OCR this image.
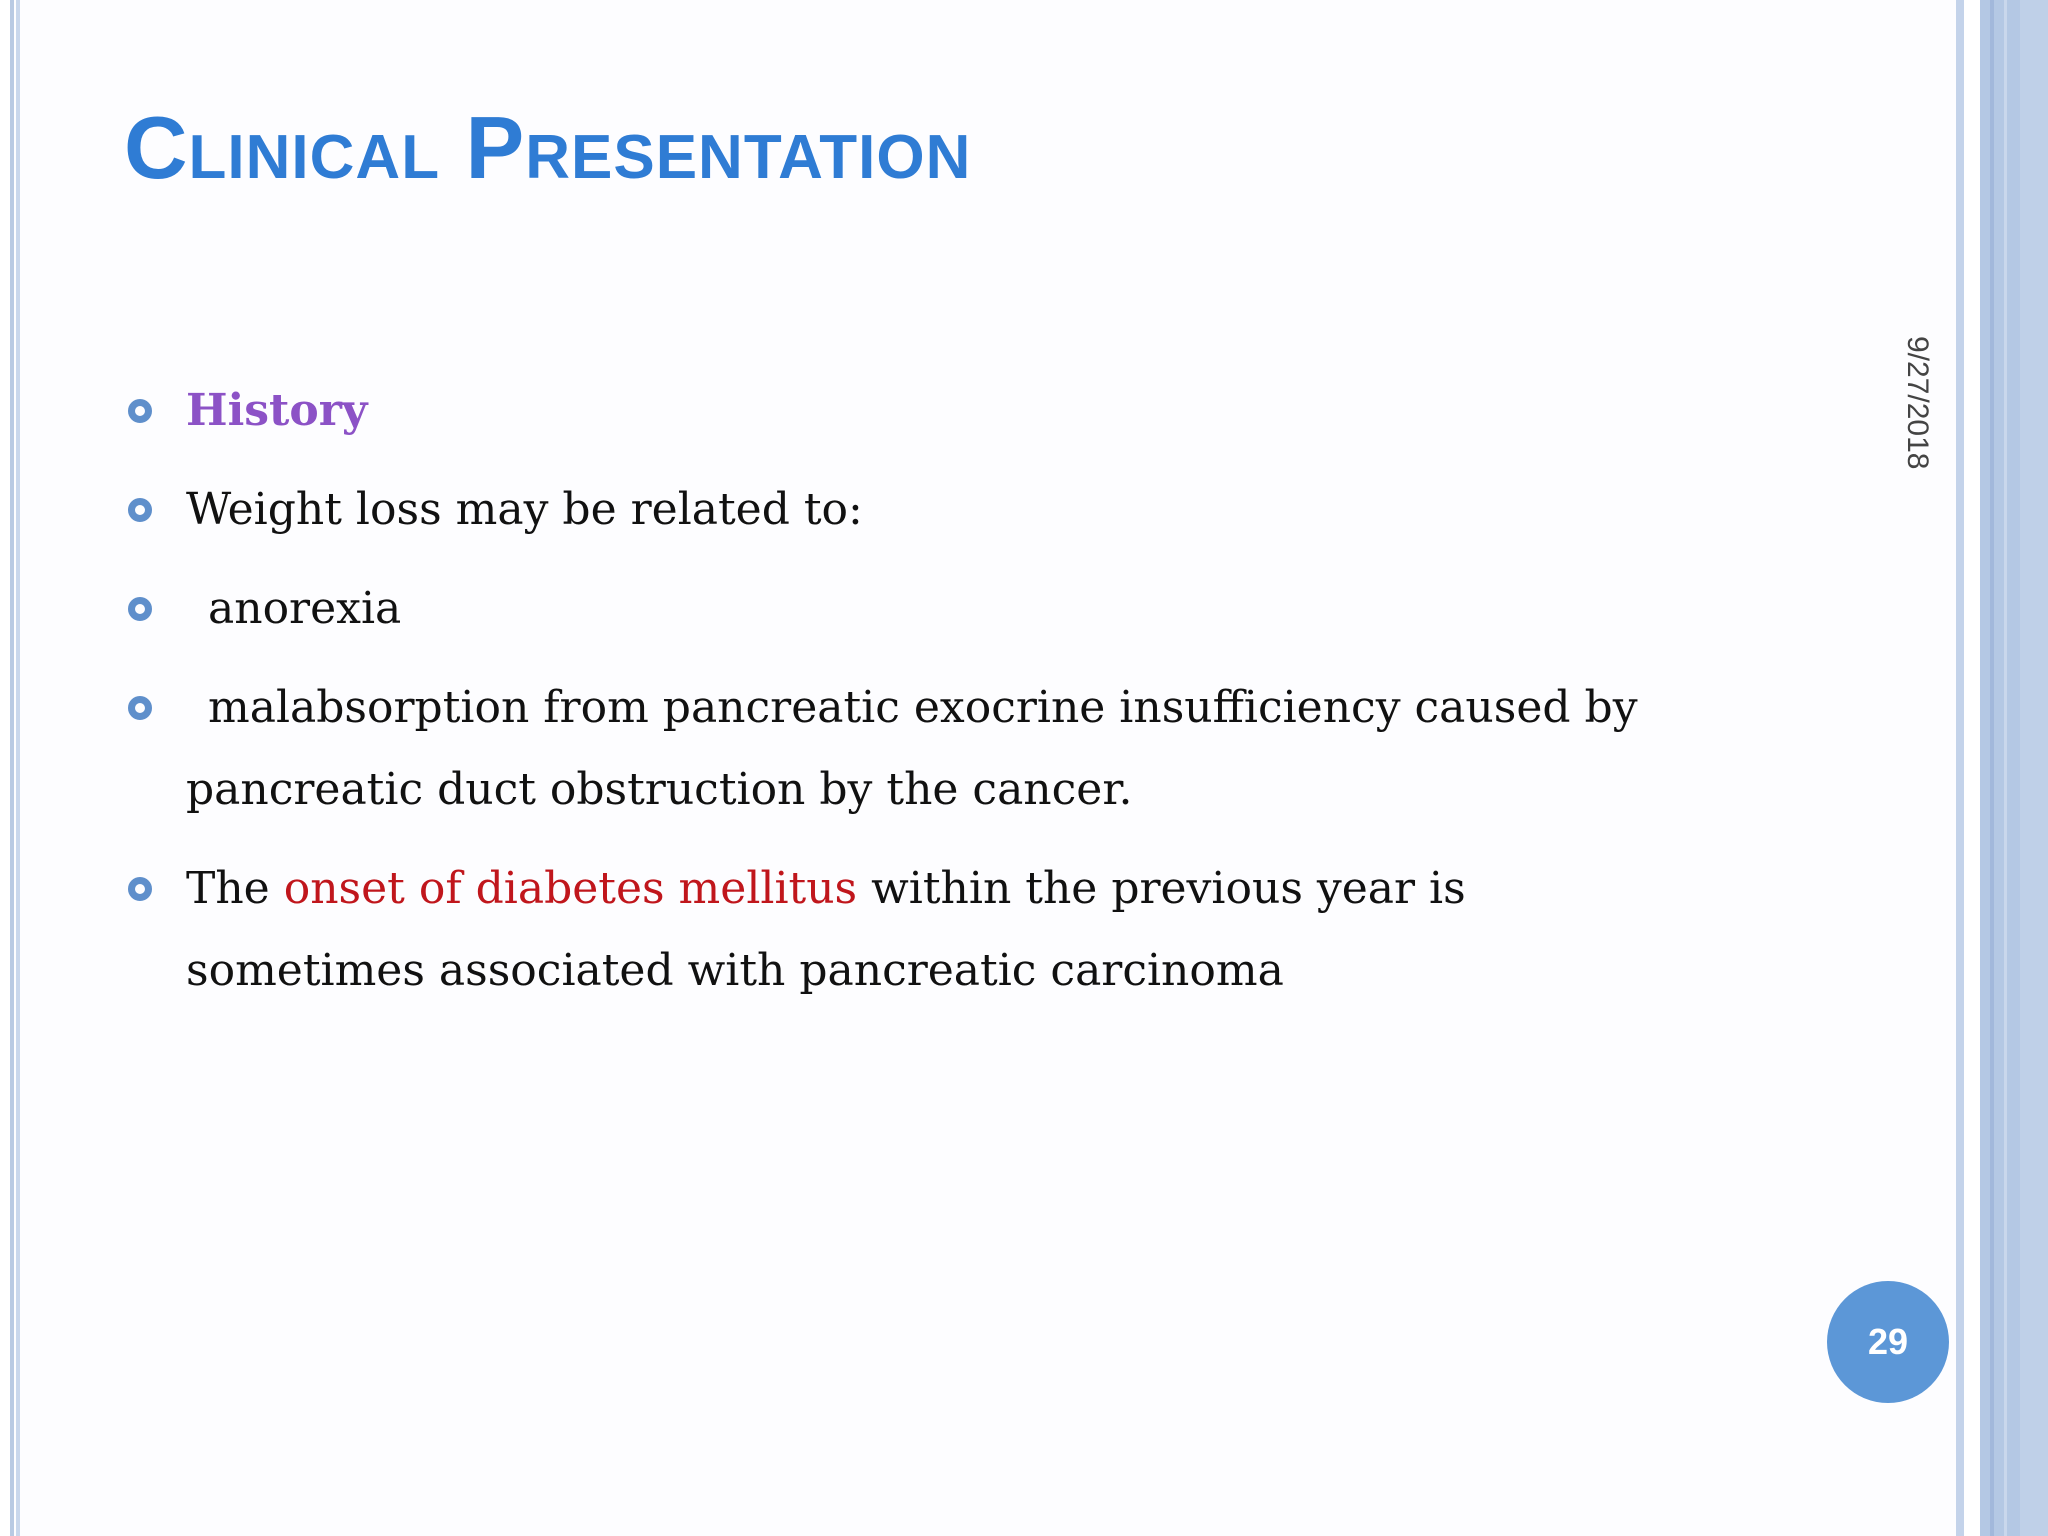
Clinical Presentation
9/27/2018
History
Weight loss may be related to:
anorexia
malabsorption from pancreatic exocrine insufficiency caused by pancreatic duct obstruction by the cancer.
The onset of diabetes mellitus within the previous year is sometimes associated with pancreatic carcinoma
29
